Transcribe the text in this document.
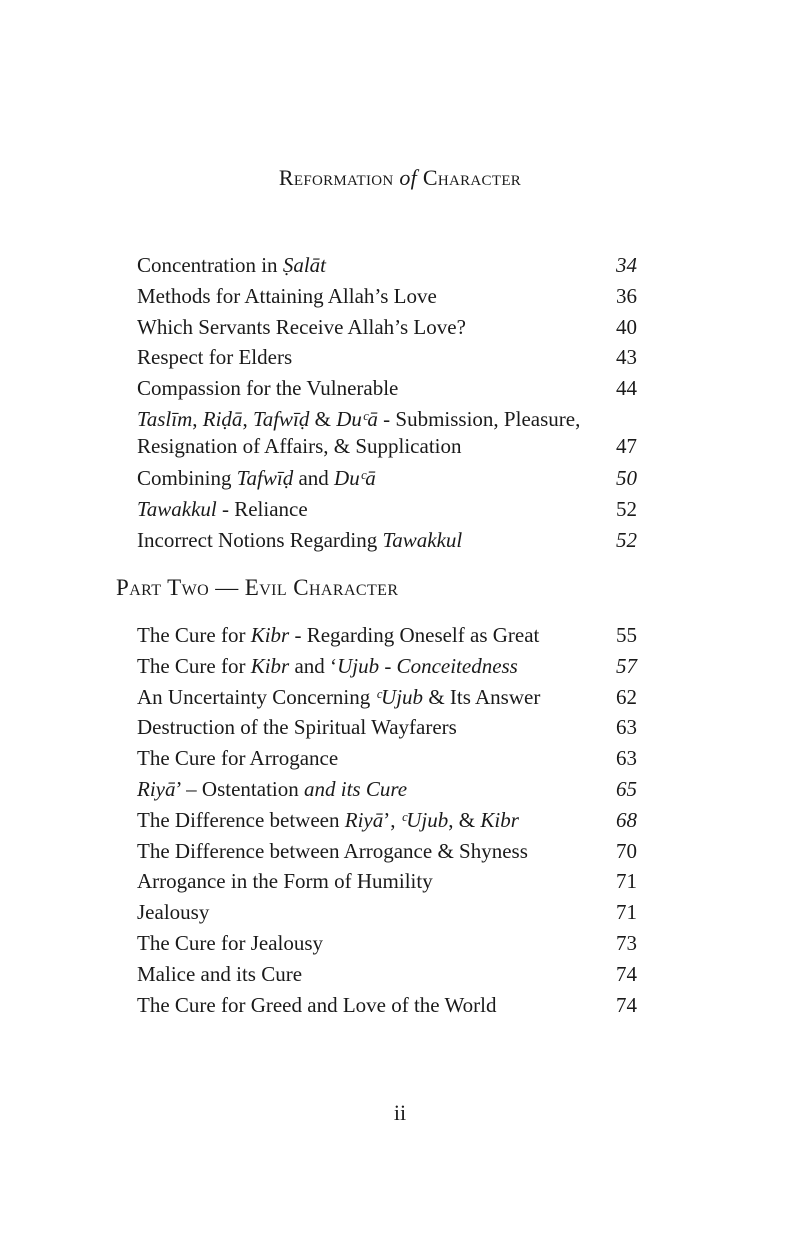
Reformation of Character
Concentration in Ṣalāt	34
Methods for Attaining Allah’s Love	36
Which Servants Receive Allah’s Love?	40
Respect for Elders	43
Compassion for the Vulnerable	44
Taslīm, Riḍā, Tafwīḍ & Duᶜā - Submission, Pleasure, Resignation of Affairs, & Supplication	47
Combining Tafwīḍ and Duᶜā	50
Tawakkul - Reliance	52
Incorrect Notions Regarding Tawakkul	52
Part Two — Evil Character
The Cure for Kibr - Regarding Oneself as Great	55
The Cure for Kibr and ‘Ujub - Conceitedness	57
An Uncertainty Concerning ᶜUjub & Its Answer	62
Destruction of the Spiritual Wayfarers	63
The Cure for Arrogance	63
Riyā’ – Ostentation and its Cure	65
The Difference between Riyā’, ᶜUjub, & Kibr	68
The Difference between Arrogance & Shyness	70
Arrogance in the Form of Humility	71
Jealousy	71
The Cure for Jealousy	73
Malice and its Cure	74
The Cure for Greed and Love of the World	74
ii
